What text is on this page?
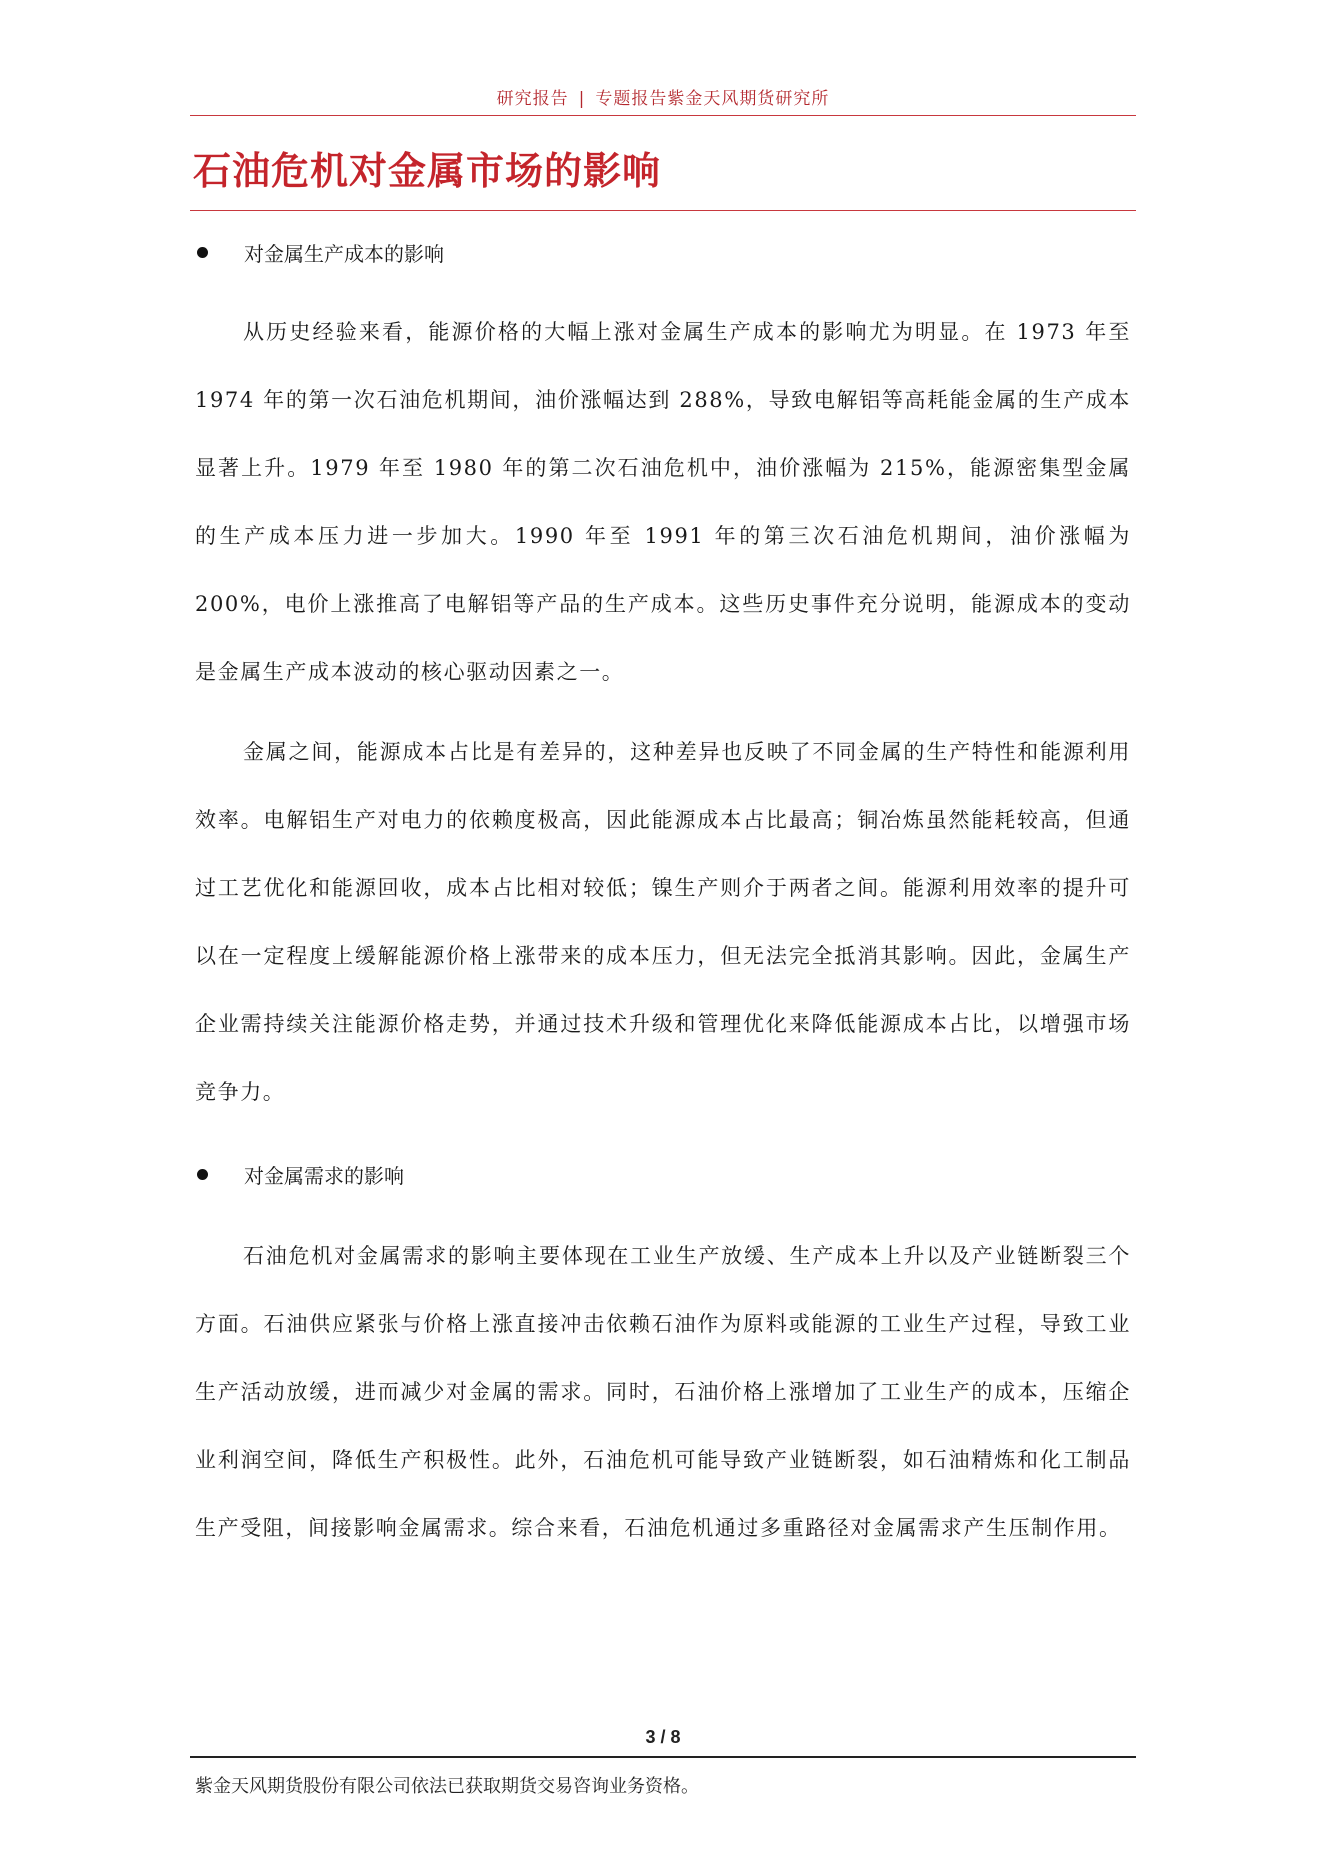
研究报告 | 专题报告紫金天风期货研究所
石油危机对金属市场的影响
对金属生产成本的影响

从历史经验来看，能源价格的大幅上涨对金属生产成本的影响尤为明显。在 1973 年至 1974 年的第一次石油危机期间，油价涨幅达到 288%，导致电解铝等高耗能金属的生产成本显著上升。1979 年至 1980 年的第二次石油危机中，油价涨幅为 215%，能源密集型金属的生产成本压力进一步加大。1990 年至 1991 年的第三次石油危机期间，油价涨幅为 200%，电价上涨推高了电解铝等产品的生产成本。这些历史事件充分说明，能源成本的变动是金属生产成本波动的核心驱动因素之一。

金属之间，能源成本占比是有差异的，这种差异也反映了不同金属的生产特性和能源利用效率。电解铝生产对电力的依赖度极高，因此能源成本占比最高；铜冶炼虽然能耗较高，但通过工艺优化和能源回收，成本占比相对较低；镍生产则介于两者之间。能源利用效率的提升可以在一定程度上缓解能源价格上涨带来的成本压力，但无法完全抵消其影响。因此，金属生产企业需持续关注能源价格走势，并通过技术升级和管理优化来降低能源成本占比，以增强市场竞争力。

对金属需求的影响

石油危机对金属需求的影响主要体现在工业生产放缓、生产成本上升以及产业链断裂三个方面。石油供应紧张与价格上涨直接冲击依赖石油作为原料或能源的工业生产过程，导致工业生产活动放缓，进而减少对金属的需求。同时，石油价格上涨增加了工业生产的成本，压缩企业利润空间，降低生产积极性。此外，石油危机可能导致产业链断裂，如石油精炼和化工制品生产受阻，间接影响金属需求。综合来看，石油危机通过多重路径对金属需求产生压制作用。

3 / 8
紫金天风期货股份有限公司依法已获取期货交易咨询业务资格。
